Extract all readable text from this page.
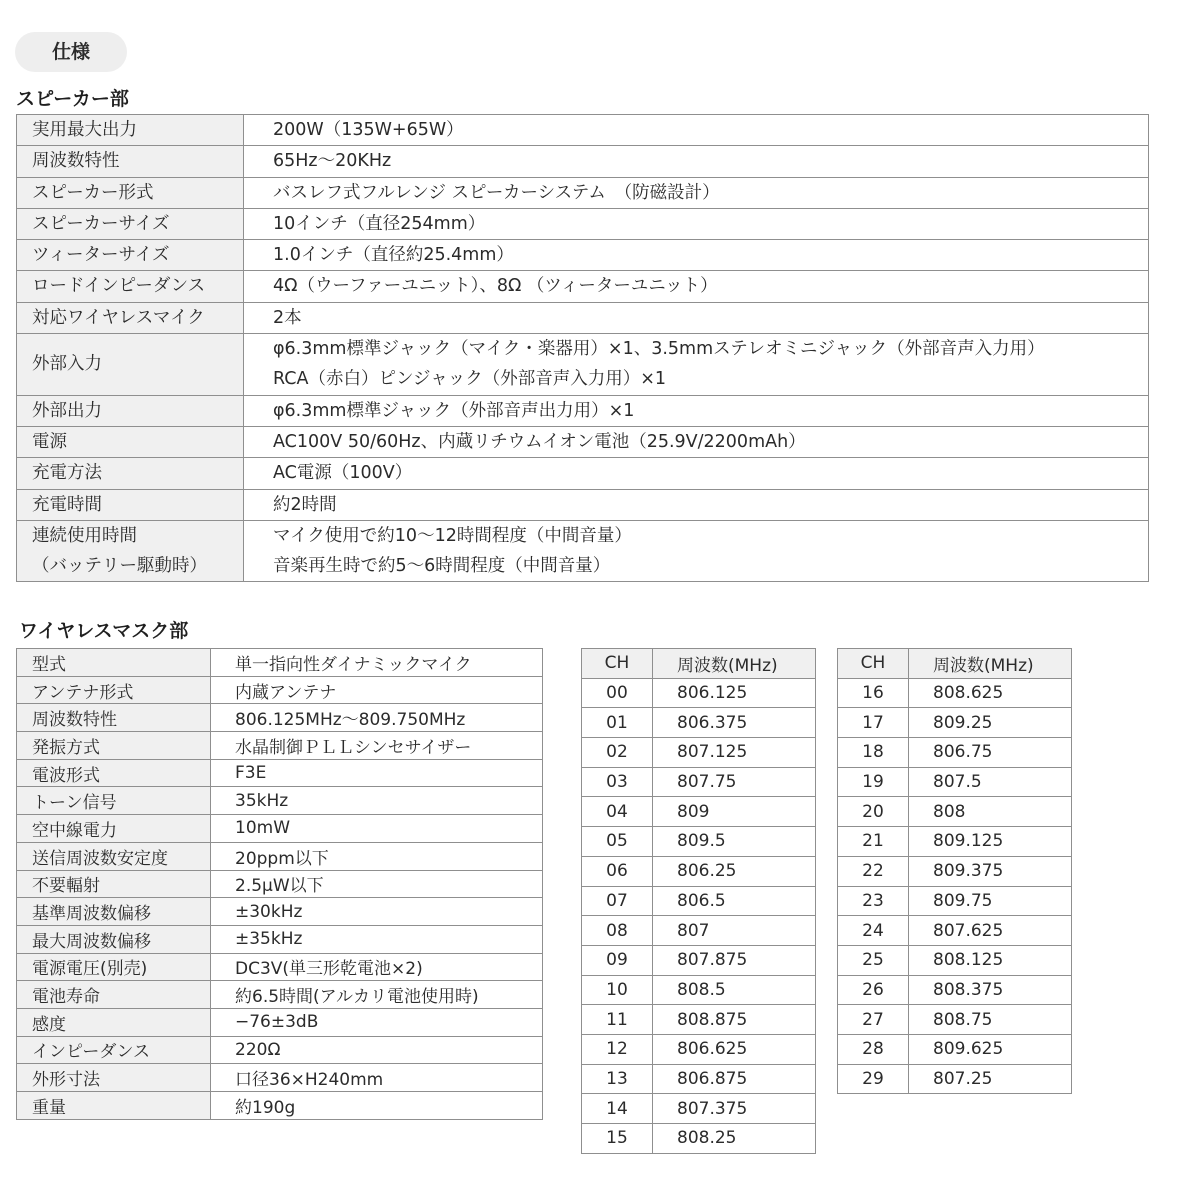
仕様
スピーカー部
実用最大出力	200W（135W+65W）

周波数特性	65Hz～20KHz

スピーカー形式	バスレフ式フルレンジ スピーカーシステム　（防磁設計）

スピーカーサイズ	10インチ（直径254mm）

ツィーターサイズ	1.0インチ（直径約25.4mm）

ロードインピーダンス	4Ω（ウーファーユニット）、8Ω （ツィーターユニット）

対応ワイヤレスマイク	2本

外部入力	φ6.3mm標準ジャック（マイク・楽器用）×1、3.5mmステレオミニジャック（外部音声入力用）
RCA（赤白）ピンジャック（外部音声入力用）×1

外部出力	φ6.3mm標準ジャック（外部音声出力用）×1

電源	AC100V 50/60Hz、内蔵リチウムイオン電池（25.9V/2200mAh）

充電方法	AC電源（100V）

充電時間	約2時間

連続使用時間
（バッテリー駆動時）	マイク使用で約10～12時間程度（中間音量）
音楽再生時で約5～6時間程度（中間音量）
ワイヤレスマスク部
型式	単一指向性ダイナミックマイク
アンテナ形式	内蔵アンテナ
周波数特性	806.125MHz～809.750MHz
発振方式	水晶制御ＰＬＬシンセサイザー
電波形式	F3E
トーン信号	35kHz
空中線電力	10mW
送信周波数安定度	20ppm以下
不要輻射	2.5μW以下
基準周波数偏移	±30kHz
最大周波数偏移	±35kHz
電源電圧(別売)	DC3V(単三形乾電池×2)
電池寿命	約6.5時間(アルカリ電池使用時)
感度	−76±3dB
インピーダンス	220Ω
外形寸法	口径36×H240mm
重量	約190g
CH	周波数(MHz)
00	806.125
01	806.375
02	807.125
03	807.75
04	809
05	809.5
06	806.25
07	806.5
08	807
09	807.875
10	808.5
11	808.875
12	806.625
13	806.875
14	807.375
15	808.25
CH	周波数(MHz)
16	808.625
17	809.25
18	806.75
19	807.5
20	808
21	809.125
22	809.375
23	809.75
24	807.625
25	808.125
26	808.375
27	808.75
28	809.625
29	807.25
